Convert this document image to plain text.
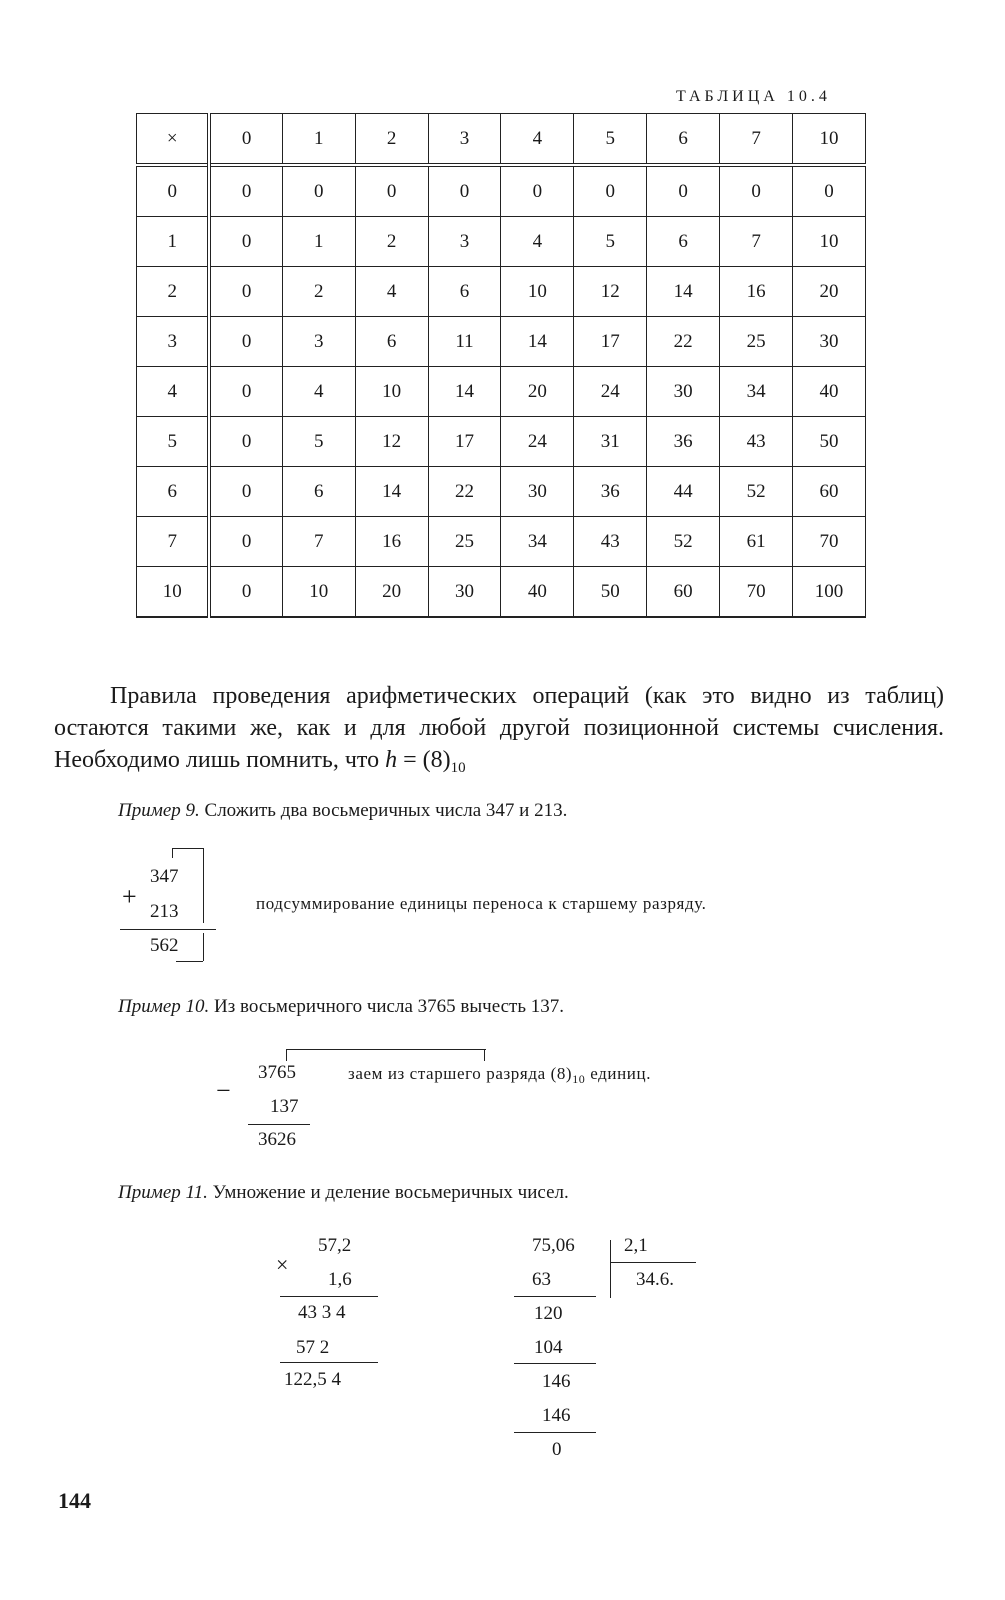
ТАБЛИЦА 10.4
×	0	1	2	3	4	5	6	7	10
0	0	0	0	0	0	0	0	0	0
1	0	1	2	3	4	5	6	7	10
2	0	2	4	6	10	12	14	16	20
3	0	3	6	11	14	17	22	25	30
4	0	4	10	14	20	24	30	34	40
5	0	5	12	17	24	31	36	43	50
6	0	6	14	22	30	36	44	52	60
7	0	7	16	25	34	43	52	61	70
10	0	10	20	30	40	50	60	70	100
Правила проведения арифметических операций (как это видно из таблиц) остаются такими же, как и для любой другой позиционной системы счисления. Необходимо лишь помнить, что $h = (8)_{10}$
Пример 9. Сложить два восьмеричных числа 347 и 213.
347
+
213
562
подсуммирование единицы переноса к старшему разряду.
Пример 10. Из восьмеричного числа 3765 вычесть 137.
3765
−
137
3626
заем из старшего разряда $(8)_{10}$ единиц.
Пример 11. Умножение и деление восьмеричных чисел.
57,2
×
1,6
43 3 4
57 2
122,5 4
75,06	2,1
34.6.
63
120
104
146
146
0
144
